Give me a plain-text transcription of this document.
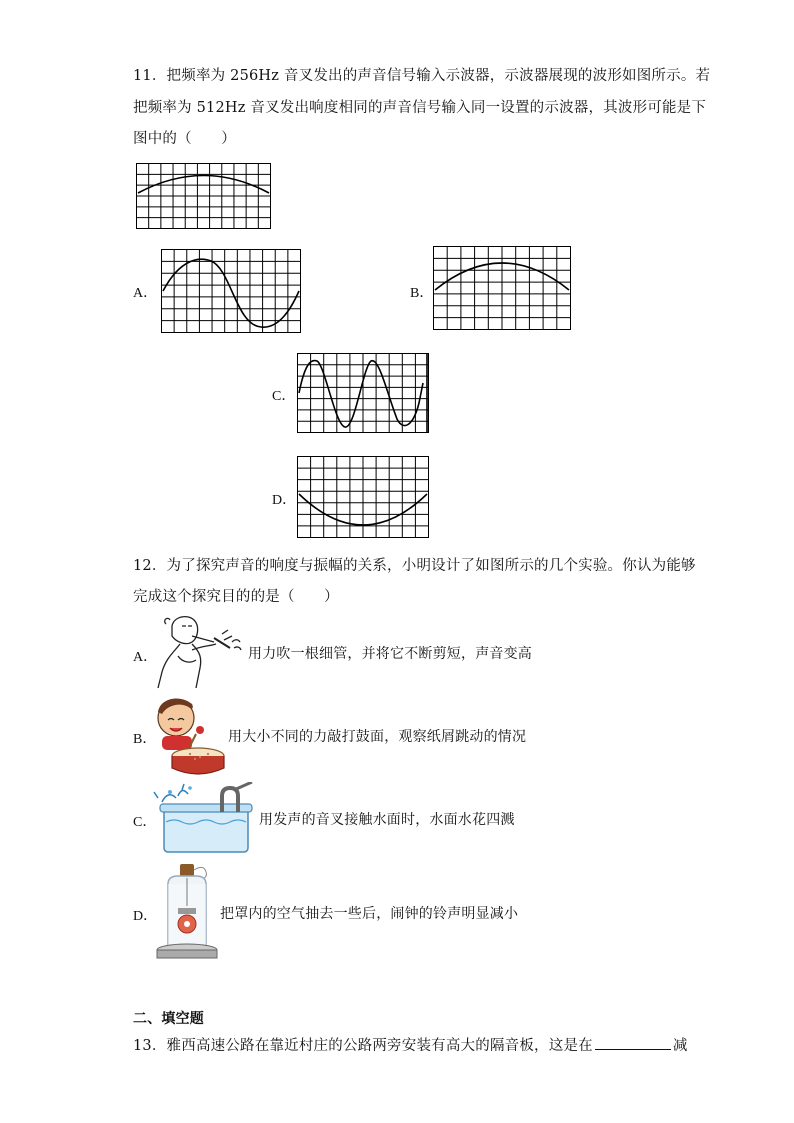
11．把频率为 256Hz 音叉发出的声音信号输入示波器，示波器展现的波形如图所示。若
把频率为 512Hz 音叉发出响度相同的声音信号输入同一设置的示波器，其波形可能是下
图中的（　　）
A．	B．
C．
D．
12．为了探究声音的响度与振幅的关系，小明设计了如图所示的几个实验。你认为能够
完成这个探究目的的是（　　）
A．	用力吹一根细管，并将它不断剪短，声音变高
B．	用大小不同的力敲打鼓面，观察纸屑跳动的情况
C．	用发声的音叉接触水面时，水面水花四溅
D．	把罩内的空气抽去一些后，闹钟的铃声明显减小
二、填空题
13．雅西高速公路在靠近村庄的公路两旁安装有高大的隔音板，这是在	减
